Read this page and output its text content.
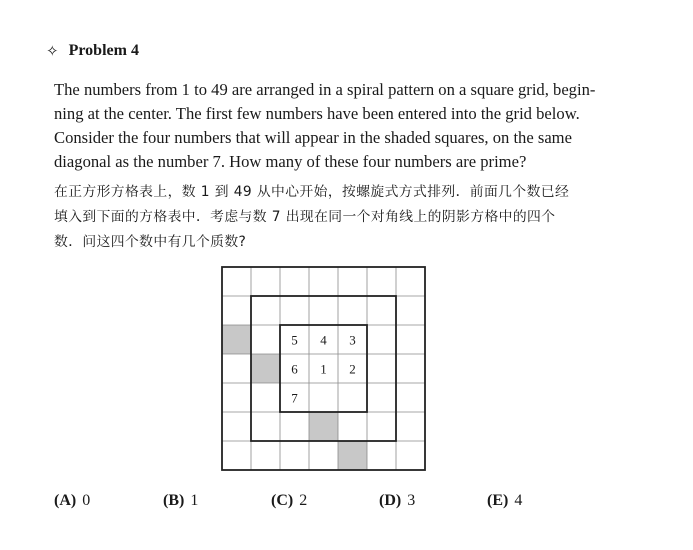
✧ Problem 4

The numbers from 1 to 49 are arranged in a spiral pattern on a square grid, begin-
ning at the center. The first few numbers have been entered into the grid below.
Consider the four numbers that will appear in the shaded squares, on the same
diagonal as the number 7. How many of these four numbers are prime?

在正方形方格表上，数 1 到 49 从中心开始，按螺旋式方式排列．前面几个数已经
填入到下面的方格表中．考虑与数 7 出现在同一个对角线上的阴影方格中的四个
数．问这四个数中有几个质数?

5 4 3
6 1 2
7
(A) 0	(B) 1	(C) 2	(D) 3	(E) 4
